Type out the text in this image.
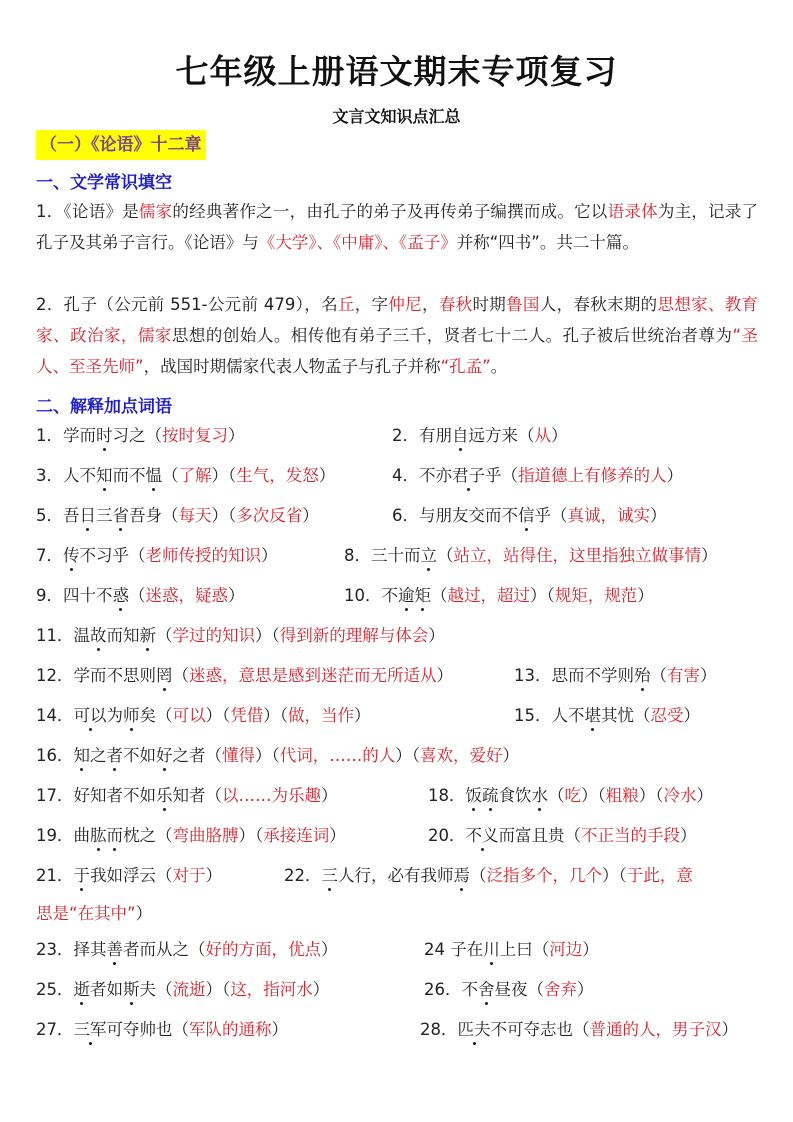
七年级上册语文期末专项复习
文言文知识点汇总
（一）《论语》十二章
一、文学常识填空
1．《论语》是儒家的经典著作之一，由孔子的弟子及再传弟子编撰而成。它以语录体为主，记录了孔子及其弟子言行。《论语》与《大学》、《中庸》、《孟子》并称“四书”。共二十篇。
2．孔子（公元前 551-公元前 479），名丘，字仲尼，春秋时期鲁国人，春秋末期的思想家、教育家、政治家，儒家思想的创始人。相传他有弟子三千，贤者七十二人。孔子被后世统治者尊为“圣人、至圣先师”，战国时期儒家代表人物孟子与孔子并称“孔孟”。
二、解释加点词语
1．学而时习之（按时复习）	2．有朋自远方来（从）
3．人不知而不愠（了解）（生气，发怒）	4．不亦君子乎（指道德上有修养的人）
5．吾日三省吾身（每天）（多次反省）	6．与朋友交而不信乎（真诚，诚实）
7．传不习乎（老师传授的知识）	8．三十而立（站立，站得住，这里指独立做事情）
9．四十不惑（迷惑，疑惑）	10．不逾矩（越过，超过）（规矩，规范）
11．温故而知新（学过的知识）（得到新的理解与体会）
12．学而不思则罔（迷惑，意思是感到迷茫而无所适从）	13．思而不学则殆（有害）
14．可以为师矣（可以）（凭借）（做，当作）	15．人不堪其忧（忍受）
16．知之者不如好之者（懂得）（代词，……的人）（喜欢，爱好）
17．好知者不如乐知者（以……为乐趣）	18．饭疏食饮水（吃）（粗粮）（冷水）
19．曲肱而枕之（弯曲胳膊）（承接连词）	20．不义而富且贵（不正当的手段）
21．于我如浮云（对于）	22．三人行，必有我师焉（泛指多个，几个）（于此，意
思是“在其中”）
23．择其善者而从之（好的方面，优点）	24 子在川上曰（河边）
25．逝者如斯夫（流逝）（这，指河水）	26．不舍昼夜（舍弃）
27．三军可夺帅也（军队的通称）	28．匹夫不可夺志也（普通的人，男子汉）
